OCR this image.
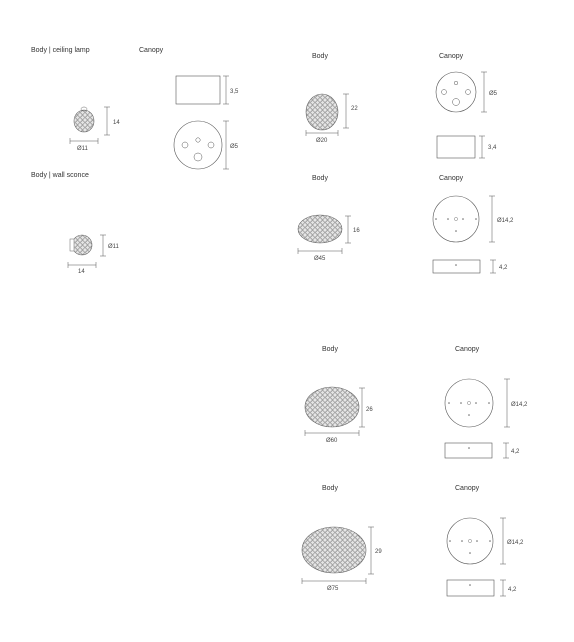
Body | ceiling lamp	Canopy
Body | wall sconce
Body	Canopy
Body	Canopy
Body	Canopy
Body	Canopy
14
Ø11
3,5
Ø5
Ø11
14
22
Ø20
Ø5
3,4
16
Ø45
Ø14,2
4,2
26
Ø60
Ø14,2
4,2
29
Ø75
Ø14,2
4,2
